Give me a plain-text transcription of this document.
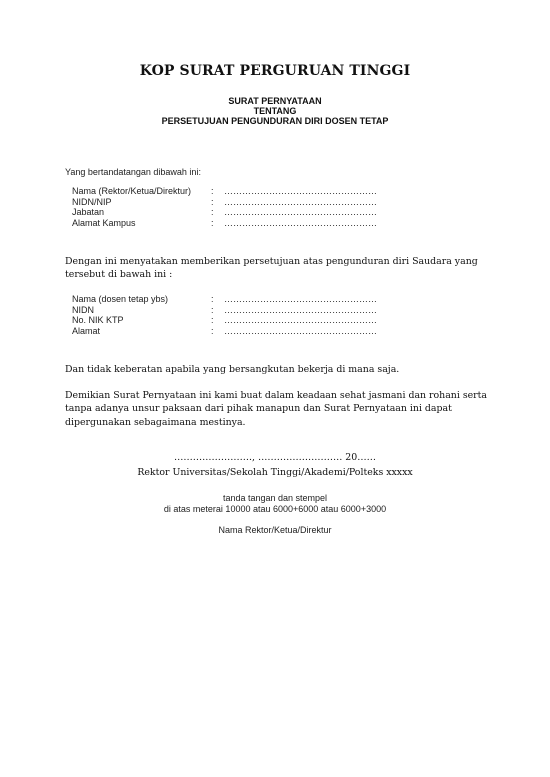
KOP SURAT PERGURUAN TINGGI
SURAT PERNYATAAN
TENTANG
PERSETUJUAN PENGUNDURAN DIRI DOSEN TETAP
Yang bertandatangan dibawah ini:
Nama (Rektor/Ketua/Direktur) : ……………………………………………
NIDN/NIP	: ……………………………………………
Jabatan	: ……………………………………………
Alamat Kampus	: ……………………………………………
Dengan ini menyatakan memberikan persetujuan atas pengunduran diri Saudara yang
tersebut di bawah ini :
Nama (dosen tetap ybs)	: ……………………………………………
NIDN	: ……………………………………………
No. NIK KTP	: ……………………………………………
Alamat	: ……………………………………………
Dan tidak keberatan apabila yang bersangkutan bekerja di mana saja.
Demikian Surat Pernyataan ini kami buat dalam keadaan sehat jasmani dan rohani serta
tanpa adanya unsur paksaan dari pihak manapun dan Surat Pernyataan ini dapat
dipergunakan sebagaimana mestinya.
……………………., ……………………… 20……
Rektor Universitas/Sekolah Tinggi/Akademi/Polteks xxxxx
tanda tangan dan stempel
di atas meterai 10000 atau 6000+6000 atau 6000+3000
Nama Rektor/Ketua/Direktur
